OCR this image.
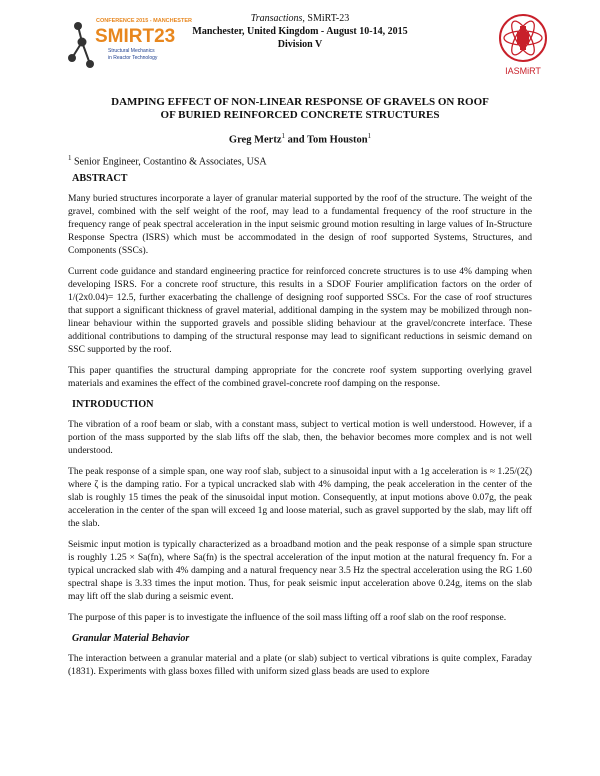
CONFERENCE 2015 - MANCHESTER
SMIRT23
Structural Mechanics
in Reactor Technology
Transactions, SMiRT-23
Manchester, United Kingdom - August 10-14, 2015
Division V
IASMiRT
DAMPING EFFECT OF NON-LINEAR RESPONSE OF GRAVELS ON ROOF
OF BURIED REINFORCED CONCRETE STRUCTURES
Greg Mertz$^1$ and Tom Houston$^1$
$^1$ Senior Engineer, Costantino & Associates, USA
ABSTRACT

Many buried structures incorporate a layer of granular material supported by the roof of the structure. The weight of the gravel, combined with the self weight of the roof, may lead to a fundamental frequency of the roof structure in the frequency range of peak spectral acceleration in the input seismic ground motion resulting in large values of In-Structure Response Spectra (ISRS) which must be accommodated in the design of roof supported Systems, Structures, and Components (SSCs).

Current code guidance and standard engineering practice for reinforced concrete structures is to use 4% damping when developing ISRS. For a concrete roof structure, this results in a SDOF Fourier amplification factors on the order of 1/(2x0.04)= 12.5, further exacerbating the challenge of designing roof supported SSCs. For the case of roof structures that support a significant thickness of gravel material, additional damping in the system may be mobilized through non-linear behaviour within the supported gravels and possible sliding behaviour at the gravel/concrete interface. These additional contributions to damping of the structural response may lead to significant reductions in seismic demand on SSC supported by the roof.

This paper quantifies the structural damping appropriate for the concrete roof system supporting overlying gravel materials and examines the effect of the combined gravel-concrete roof damping on the response.

INTRODUCTION

The vibration of a roof beam or slab, with a constant mass, subject to vertical motion is well understood. However, if a portion of the mass supported by the slab lifts off the slab, then, the behavior becomes more complex and is not well understood.

The peak response of a simple span, one way roof slab, subject to a sinusoidal input with a 1g acceleration is ≈ 1.25/(2ζ) where ζ is the damping ratio. For a typical uncracked slab with 4% damping, the peak acceleration in the center of the slab is roughly 15 times the peak of the sinusoidal input motion. Consequently, at input motions above 0.07g, the peak acceleration in the center of the span will exceed 1g and loose material, such as gravel supported by the slab, may lift off the slab.

Seismic input motion is typically characterized as a broadband motion and the peak response of a simple span structure is roughly 1.25 × Sa(fn), where Sa(fn) is the spectral acceleration of the input motion at the natural frequency fn. For a typical uncracked slab with 4% damping and a natural frequency near 3.5 Hz the spectral acceleration using the RG 1.60 spectral shape is 3.33 times the input motion. Thus, for peak seismic input acceleration above 0.24g, items on the slab may lift off the slab during a seismic event.

The purpose of this paper is to investigate the influence of the soil mass lifting off a roof slab on the roof response.

Granular Material Behavior

The interaction between a granular material and a plate (or slab) subject to vertical vibrations is quite complex, Faraday (1831). Experiments with glass boxes filled with uniform sized glass beads are used to explore
